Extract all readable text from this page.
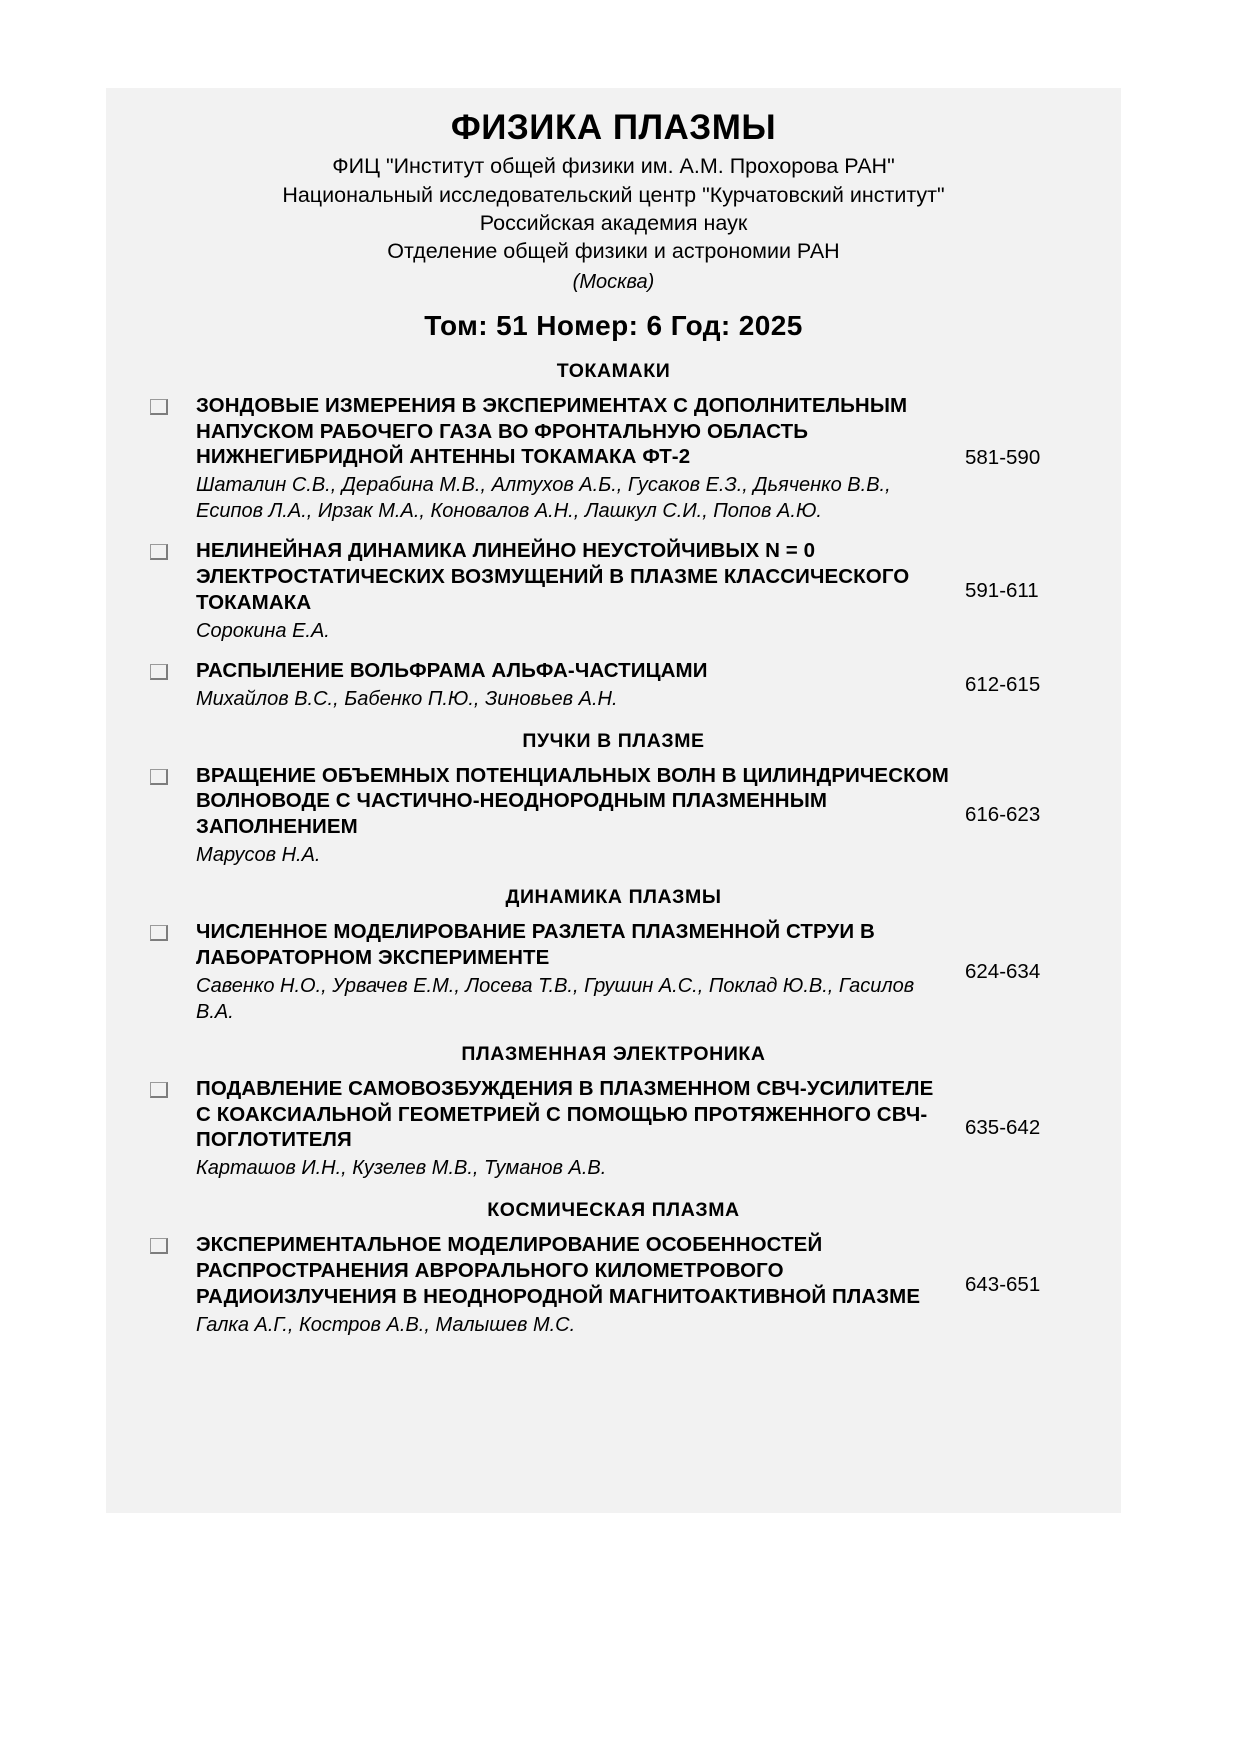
ФИЗИКА ПЛАЗМЫ
ФИЦ "Институт общей физики им. А.М. Прохорова РАН"
Национальный исследовательский центр "Курчатовский институт"
Российская академия наук
Отделение общей физики и астрономии РАН
(Москва)
Том: 51 Номер: 6 Год: 2025
ТОКАМАКИ
ЗОНДОВЫЕ ИЗМЕРЕНИЯ В ЭКСПЕРИМЕНТАХ С ДОПОЛНИТЕЛЬНЫМ НАПУСКОМ РАБОЧЕГО ГАЗА ВО ФРОНТАЛЬНУЮ ОБЛАСТЬ НИЖНЕГИБРИДНОЙ АНТЕННЫ ТОКАМАКА ФТ-2
Шаталин С.В., Дерабина М.В., Алтухов А.Б., Гусаков Е.З., Дьяченко В.В., Есипов Л.А., Ирзак М.А., Коновалов А.Н., Лашкул С.И., Попов А.Ю.
581-590
НЕЛИНЕЙНАЯ ДИНАМИКА ЛИНЕЙНО НЕУСТОЙЧИВЫХ N = 0 ЭЛЕКТРОСТАТИЧЕСКИХ ВОЗМУЩЕНИЙ В ПЛАЗМЕ КЛАССИЧЕСКОГО ТОКАМАКА
Сорокина Е.А.
591-611
РАСПЫЛЕНИЕ ВОЛЬФРАМА АЛЬФА-ЧАСТИЦАМИ
Михайлов В.С., Бабенко П.Ю., Зиновьев А.Н.
612-615
ПУЧКИ В ПЛАЗМЕ
ВРАЩЕНИЕ ОБЪЕМНЫХ ПОТЕНЦИАЛЬНЫХ ВОЛН В ЦИЛИНДРИЧЕСКОМ ВОЛНОВОДЕ С ЧАСТИЧНО-НЕОДНОРОДНЫМ ПЛАЗМЕННЫМ ЗАПОЛНЕНИЕМ
Марусов Н.А.
616-623
ДИНАМИКА ПЛАЗМЫ
ЧИСЛЕННОЕ МОДЕЛИРОВАНИЕ РАЗЛЕТА ПЛАЗМЕННОЙ СТРУИ В ЛАБОРАТОРНОМ ЭКСПЕРИМЕНТЕ
Савенко Н.О., Урвачев Е.М., Лосева Т.В., Грушин А.С., Поклад Ю.В., Гасилов В.А.
624-634
ПЛАЗМЕННАЯ ЭЛЕКТРОНИКА
ПОДАВЛЕНИЕ САМОВОЗБУЖДЕНИЯ В ПЛАЗМЕННОМ СВЧ-УСИЛИТЕЛЕ С КОАКСИАЛЬНОЙ ГЕОМЕТРИЕЙ С ПОМОЩЬЮ ПРОТЯЖЕННОГО СВЧ-ПОГЛОТИТЕЛЯ
Карташов И.Н., Кузелев М.В., Туманов А.В.
635-642
КОСМИЧЕСКАЯ ПЛАЗМА
ЭКСПЕРИМЕНТАЛЬНОЕ МОДЕЛИРОВАНИЕ ОСОБЕННОСТЕЙ РАСПРОСТРАНЕНИЯ АВРОРАЛЬНОГО КИЛОМЕТРОВОГО РАДИОИЗЛУЧЕНИЯ В НЕОДНОРОДНОЙ МАГНИТОАКТИВНОЙ ПЛАЗМЕ
Галка А.Г., Костров А.В., Малышев М.С.
643-651
